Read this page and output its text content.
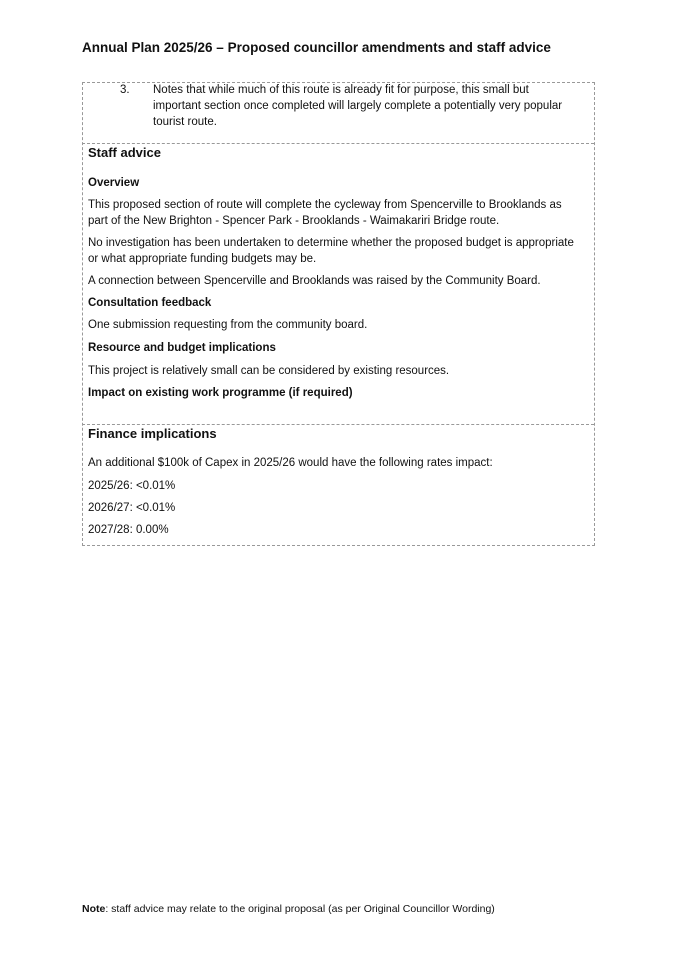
Annual Plan 2025/26 – Proposed councillor amendments and staff advice
3. Notes that while much of this route is already fit for purpose, this small but
important section once completed will largely complete a potentially very popular
tourist route.
Staff advice
Overview
This proposed section of route will complete the cycleway from Spencerville to Brooklands as
part of the New Brighton - Spencer Park - Brooklands - Waimakariri Bridge route.
No investigation has been undertaken to determine whether the proposed budget is appropriate
or what appropriate funding budgets may be.
A connection between Spencerville and Brooklands was raised by the Community Board.
Consultation feedback
One submission requesting from the community board.
Resource and budget implications
This project is relatively small can be considered by existing resources.
Impact on existing work programme (if required)
Finance implications
An additional $100k of Capex in 2025/26 would have the following rates impact:
2025/26: <0.01%
2026/27: <0.01%
2027/28: 0.00%
Note: staff advice may relate to the original proposal (as per Original Councillor Wording)
